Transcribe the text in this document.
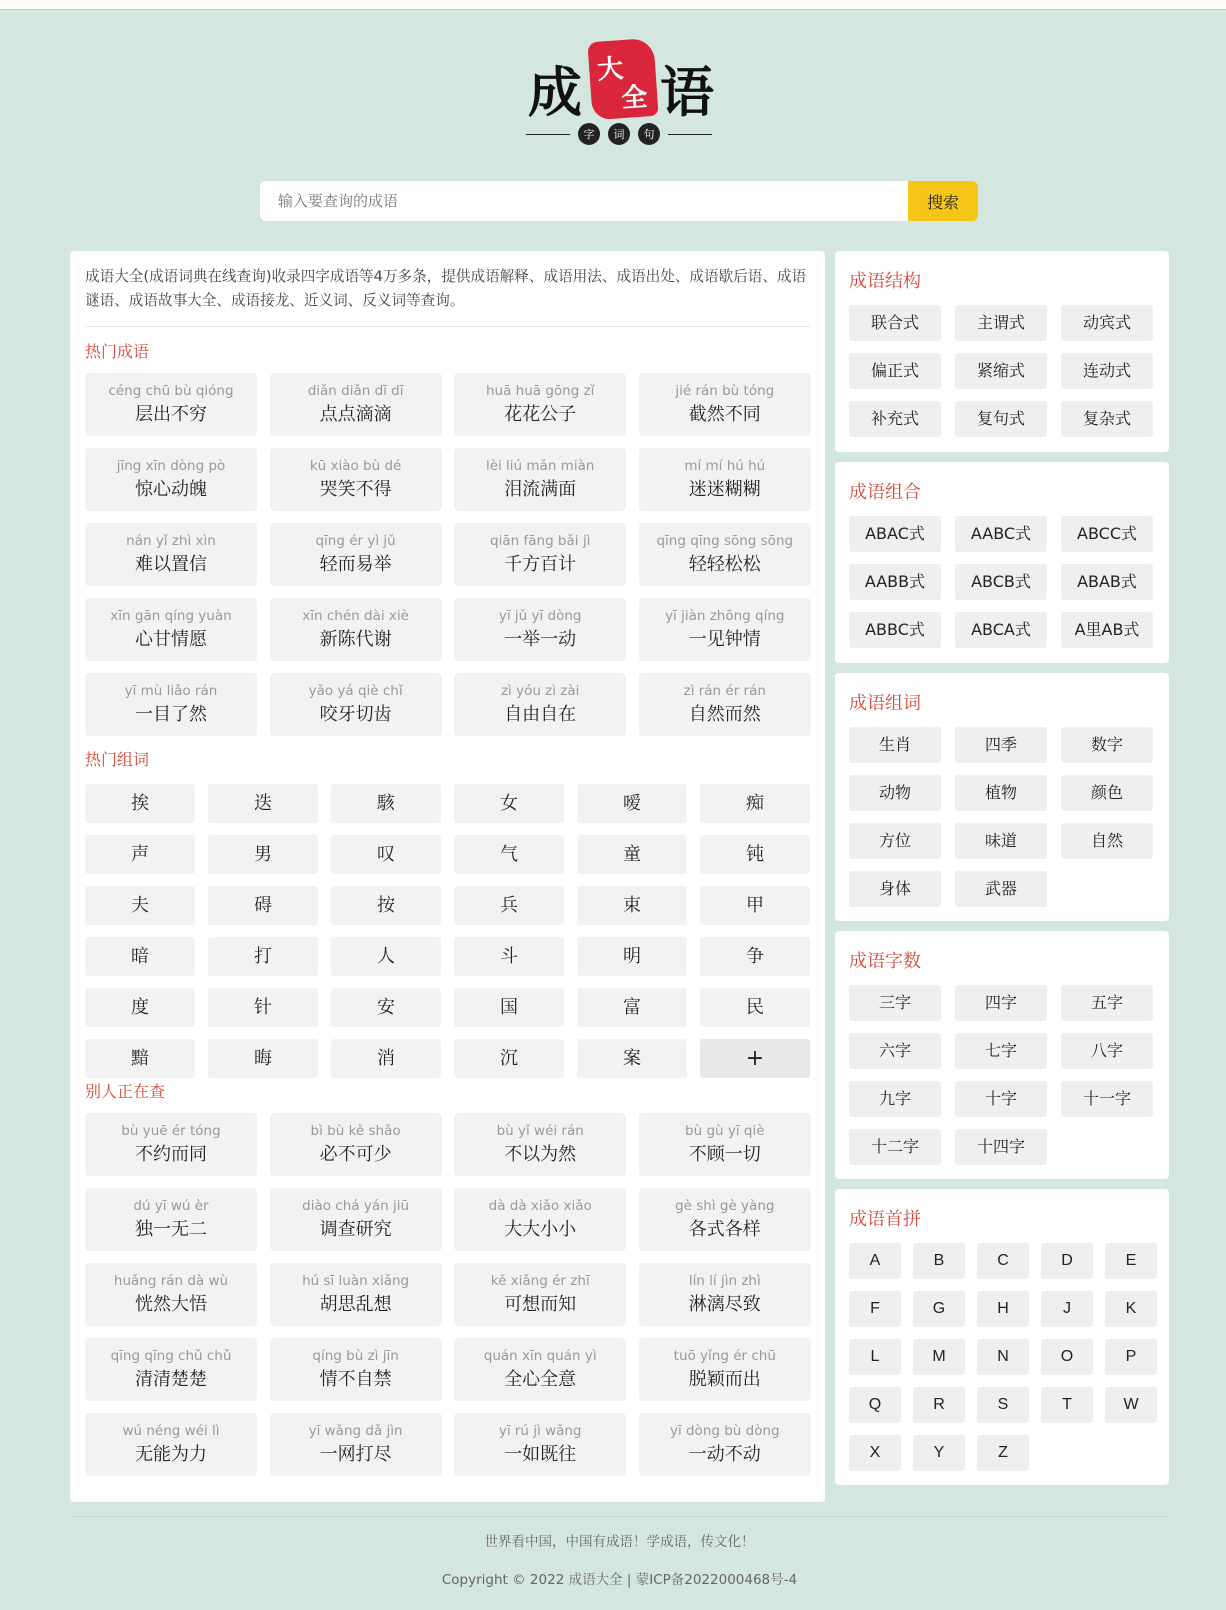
成 大
全 语
字	词	句
输入要查询的成语
搜索

成语大全(成语词典在线查询)收录四字成语等4万多条，提供成语解释、成语用法、成语出处、成语歇后语、成语谜语、成语故事大全、成语接龙、近义词、反义词等查询。

热门成语
céng chū bù qióng
层出不穷
diǎn diǎn dī dī
点点滴滴
huā huā gōng zǐ
花花公子
jié rán bù tóng
截然不同
jīng xīn dòng pò
惊心动魄
kū xiào bù dé
哭笑不得
lèi liú mǎn miàn
泪流满面
mí mí hú hú
迷迷糊糊
nán yǐ zhì xìn
难以置信
qīng ér yì jǔ
轻而易举
qiān fāng bǎi jì
千方百计
qīng qīng sōng sōng
轻轻松松
xīn gān qíng yuàn
心甘情愿
xīn chén dài xiè
新陈代谢
yī jǔ yī dòng
一举一动
yī jiàn zhōng qíng
一见钟情
yī mù liǎo rán
一目了然
yǎo yá qiè chǐ
咬牙切齿
zì yóu zì zài
自由自在
zì rán ér rán
自然而然
热门组词
挨	迭	駭	女	嗳	痴
声	男	叹	气	童	钝
夫	碍	按	兵	束	甲
暗	打	人	斗	明	争
度	针	安	国	富	民
黯	晦	消	沉	案	+
别人正在查
bù yuē ér tóng
不约而同
bì bù kě shǎo
必不可少
bù yǐ wéi rán
不以为然
bù gù yī qiè
不顾一切
dú yī wú èr
独一无二
diào chá yán jiū
调查研究
dà dà xiǎo xiǎo
大大小小
gè shì gè yàng
各式各样
huǎng rán dà wù
恍然大悟
hú sī luàn xiǎng
胡思乱想
kě xiǎng ér zhī
可想而知
lín lí jìn zhì
淋漓尽致
qīng qīng chǔ chǔ
清清楚楚
qíng bù zì jīn
情不自禁
quán xīn quán yì
全心全意
tuō yǐng ér chū
脱颖而出
wú néng wéi lì
无能为力
yī wǎng dǎ jìn
一网打尽
yī rú jì wǎng
一如既往
yī dòng bù dòng
一动不动
成语结构
联合式	主谓式	动宾式
偏正式	紧缩式	连动式
补充式	复句式	复杂式
成语组合
ABAC式	AABC式	ABCC式
AABB式	ABCB式	ABAB式
ABBC式	ABCA式	A里AB式
成语组词
生肖	四季	数字
动物	植物	颜色
方位	味道	自然
身体	武器
成语字数
三字	四字	五字
六字	七字	八字
九字	十字	十一字
十二字	十四字
成语首拼
A	B	C	D	E
F	G	H	J	K
L	M	N	O	P
Q	R	S	T	W
X	Y	Z
世界看中国，中国有成语！学成语，传文化！
Copyright © 2022 成语大全 | 蒙ICP备2022000468号-4
